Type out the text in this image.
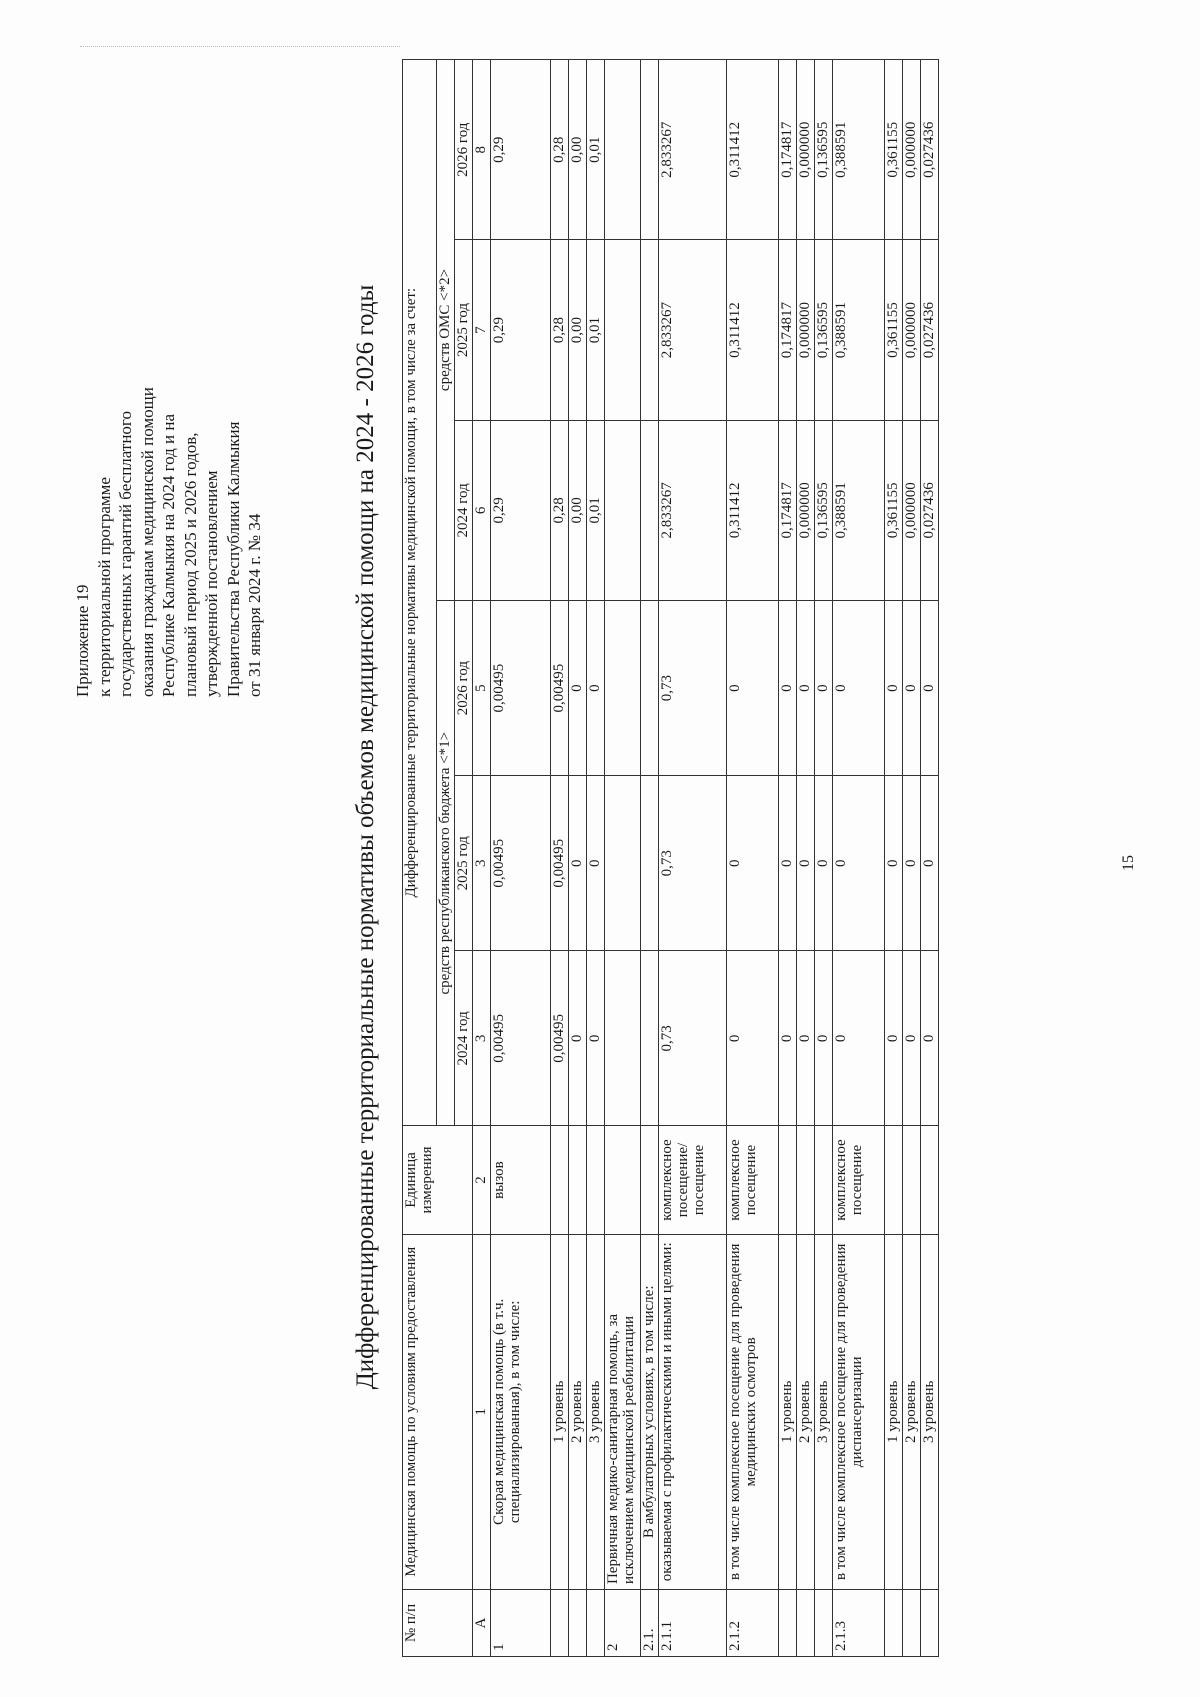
Приложение 19 к территориальной программе государственных гарантий бесплатного оказания гражданам медицинской помощи Республике Калмыкия на 2024 год и на плановый период 2025 и 2026 годов, утвержденной постановлением Правительства Республики Калмыкия от 31 января 2024 г. № 34	Дифференцированные территориальные нормативы объемов медицинской помощи на 2024 - 2026 годы
№ п/п	Медицинская помощь по условиям предоставления	Единица измерения	Дифференцированные территориальные нормативы медицинской помощи, в том числе за счет:					
			средств республиканского бюджета <*1>			средств ОМС <*2>		
			2024 год	2025 год	2026 год	2024 год	2025 год	2026 год
А	1	2	3	3	5	6	7	8
1	Скорая медицинская помощь (в т.ч. специализированная), в том числе:	вызов	0,00495	0,00495	0,00495	0,29	0,29	0,29
	1 уровень		0,00495	0,00495	0,00495	0,28	0,28	0,28
	2 уровень		0	0	0	0,00	0,00	0,00
	3 уровень		0	0	0	0,01	0,01	0,01
2	Первичная медико-санитарная помощь, за исключением медицинской реабилитации							
2.1.	В амбулаторных условиях, в том числе:							
2.1.1	оказываемая с профилактическими и иными целями:	комплексное посещение/ посещение	0,73	0,73	0,73	2,833267	2,833267	2,833267
2.1.2	в том числе комплексное посещение для проведения медицинских осмотров	комплексное посещение	0	0	0	0,311412	0,311412	0,311412
	1 уровень		0	0	0	0,174817	0,174817	0,174817
	2 уровень		0	0	0	0,000000	0,000000	0,000000
	3 уровень		0	0	0	0,136595	0,136595	0,136595
2.1.3	в том числе комплексное посещение для проведения диспансеризации	комплексное посещение	0	0	0	0,388591	0,388591	0,388591
	1 уровень		0	0	0	0,361155	0,361155	0,361155
	2 уровень		0	0	0	0,000000	0,000000	0,000000
	3 уровень		0	0	0	0,027436	0,027436	0,027436
15
